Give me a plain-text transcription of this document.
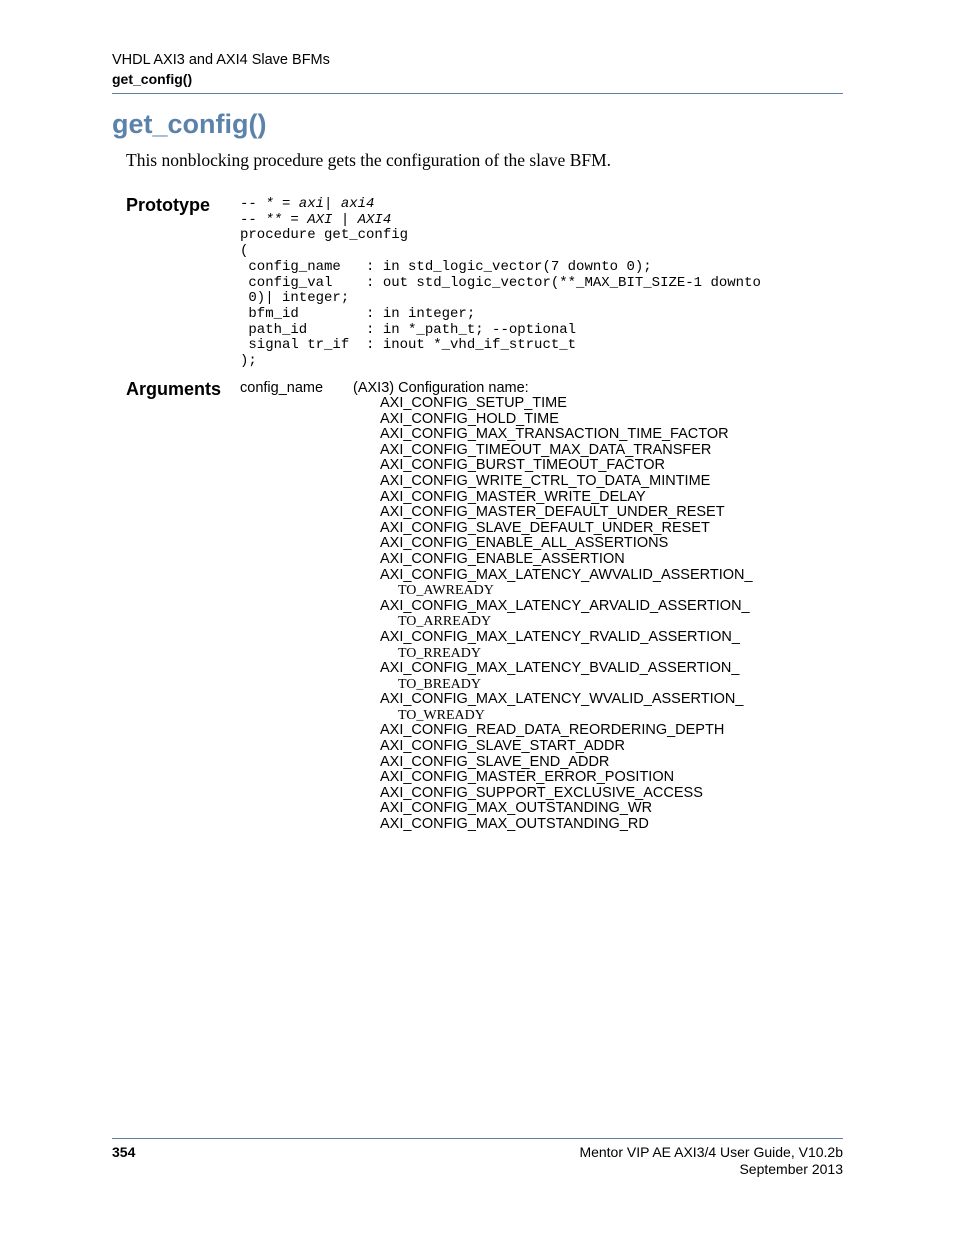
VHDL AXI3 and AXI4 Slave BFMs
get_config()
get_config()
This nonblocking procedure gets the configuration of the slave BFM.
Prototype -- * = axi| axi4
-- ** = AXI | AXI4
procedure get_config
(
config_name   : in std_logic_vector(7 downto 0);
config_val    : out std_logic_vector(**_MAX_BIT_SIZE-1 downto
0)| integer;
bfm_id        : in integer;
path_id       : in *_path_t; --optional
signal tr_if  : inout *_vhd_if_struct_t
);
Arguments config_name (AXI3) Configuration name:
AXI_CONFIG_SETUP_TIME
AXI_CONFIG_HOLD_TIME
AXI_CONFIG_MAX_TRANSACTION_TIME_FACTOR
AXI_CONFIG_TIMEOUT_MAX_DATA_TRANSFER
AXI_CONFIG_BURST_TIMEOUT_FACTOR
AXI_CONFIG_WRITE_CTRL_TO_DATA_MINTIME
AXI_CONFIG_MASTER_WRITE_DELAY
AXI_CONFIG_MASTER_DEFAULT_UNDER_RESET
AXI_CONFIG_SLAVE_DEFAULT_UNDER_RESET
AXI_CONFIG_ENABLE_ALL_ASSERTIONS
AXI_CONFIG_ENABLE_ASSERTION
AXI_CONFIG_MAX_LATENCY_AWVALID_ASSERTION_
TO_AWREADY
AXI_CONFIG_MAX_LATENCY_ARVALID_ASSERTION_
TO_ARREADY
AXI_CONFIG_MAX_LATENCY_RVALID_ASSERTION_
TO_RREADY
AXI_CONFIG_MAX_LATENCY_BVALID_ASSERTION_
TO_BREADY
AXI_CONFIG_MAX_LATENCY_WVALID_ASSERTION_
TO_WREADY
AXI_CONFIG_READ_DATA_REORDERING_DEPTH
AXI_CONFIG_SLAVE_START_ADDR
AXI_CONFIG_SLAVE_END_ADDR
AXI_CONFIG_MASTER_ERROR_POSITION
AXI_CONFIG_SUPPORT_EXCLUSIVE_ACCESS
AXI_CONFIG_MAX_OUTSTANDING_WR
AXI_CONFIG_MAX_OUTSTANDING_RD
354	Mentor VIP AE AXI3/4 User Guide, V10.2b
September 2013
